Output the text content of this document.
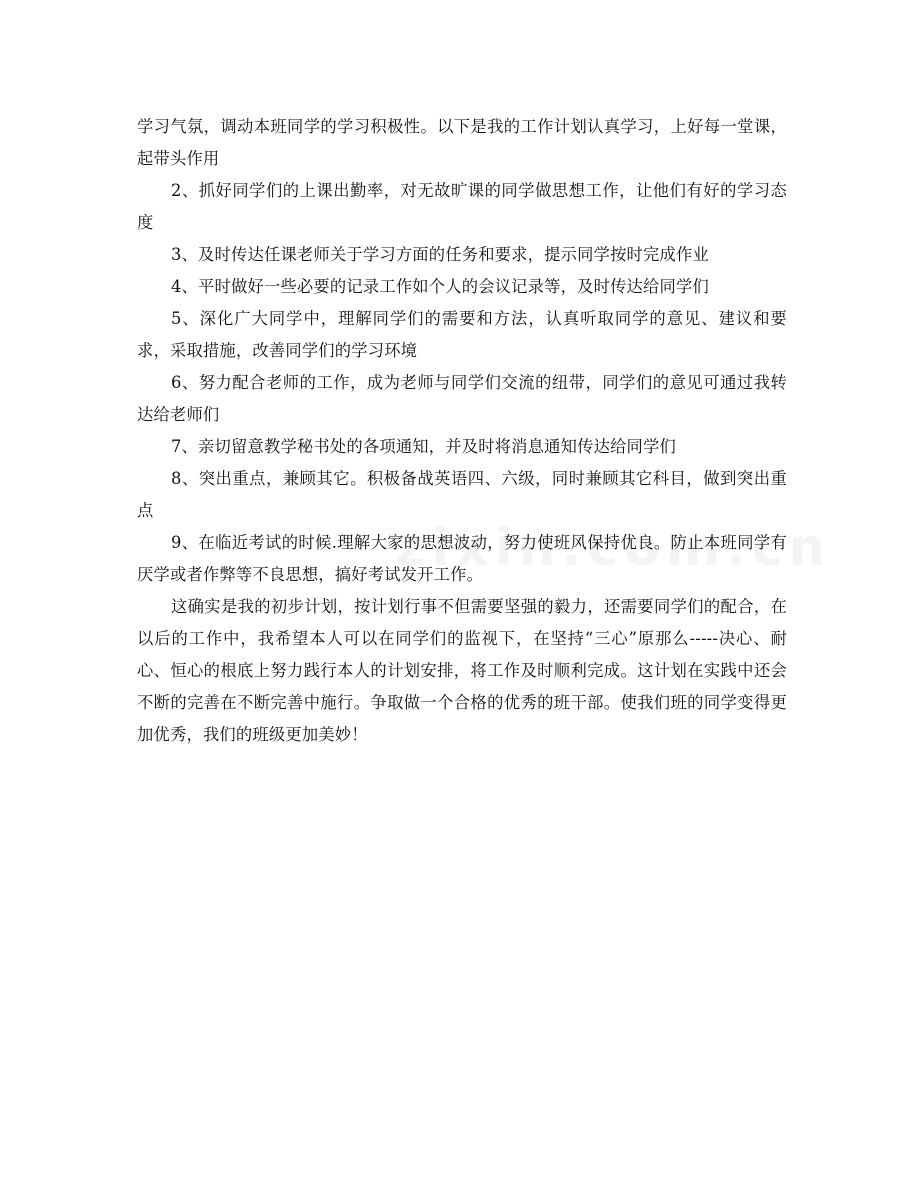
学习气氛，调动本班同学的学习积极性。以下是我的工作计划认真学习，上好每一堂课，起带头作用

2、抓好同学们的上课出勤率，对无故旷课的同学做思想工作，让他们有好的学习态度

3、及时传达任课老师关于学习方面的任务和要求，提示同学按时完成作业

4、平时做好一些必要的记录工作如个人的会议记录等，及时传达给同学们

5、深化广大同学中，理解同学们的需要和方法，认真听取同学的意见、建议和要求，采取措施，改善同学们的学习环境

6、努力配合老师的工作，成为老师与同学们交流的纽带，同学们的意见可通过我转达给老师们

7、亲切留意教学秘书处的各项通知，并及时将消息通知传达给同学们

8、突出重点，兼顾其它。积极备战英语四、六级，同时兼顾其它科目，做到突出重点

9、在临近考试的时候.理解大家的思想波动，努力使班风保持优良。防止本班同学有厌学或者作弊等不良思想，搞好考试发开工作。

这确实是我的初步计划，按计划行事不但需要坚强的毅力，还需要同学们的配合，在以后的工作中，我希望本人可以在同学们的监视下，在坚持“三心”原那么-----决心、耐心、恒心的根底上努力践行本人的计划安排，将工作及时顺利完成。这计划在实践中还会不断的完善在不断完善中施行。争取做一个合格的优秀的班干部。使我们班的同学变得更加优秀，我们的班级更加美妙！
